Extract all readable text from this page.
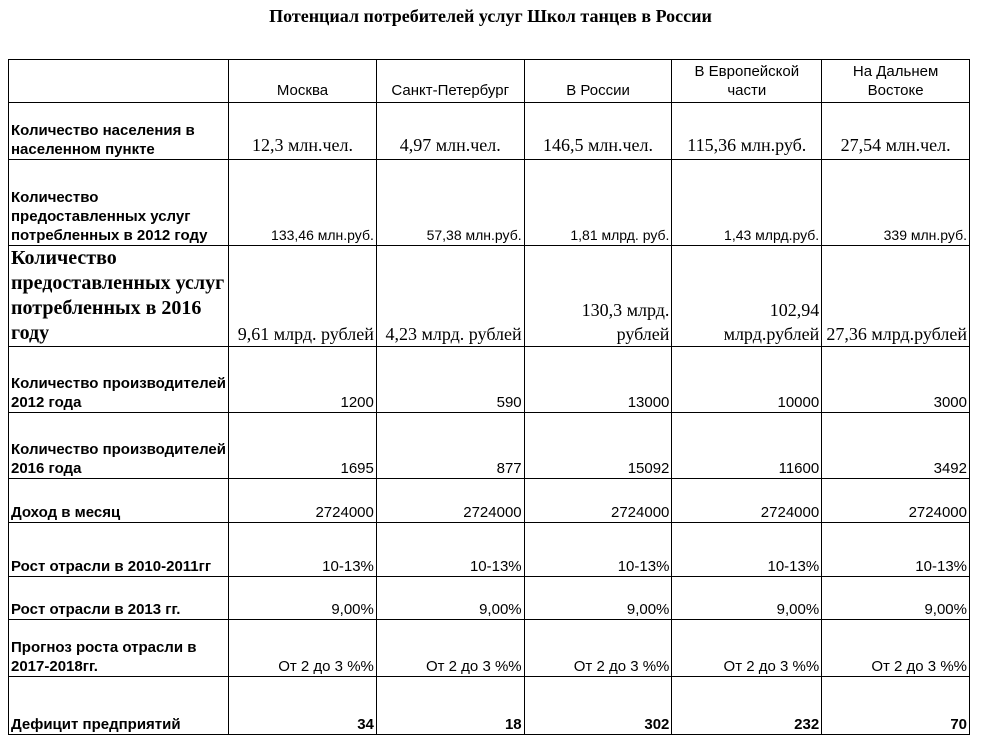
Потенциал потребителей услуг Школ танцев в России
	Москва	Санкт-Петербург	В России	В Европейской части	На Дальнем Востоке
Количество населения в населенном пункте	12,3 млн.чел.	4,97 млн.чел.	146,5 млн.чел.	115,36 млн.руб.	27,54 млн.чел.
Количество предоставленных услуг потребленных в 2012 году	133,46 млн.руб.	57,38 млн.руб.	1,81 млрд. руб.	1,43 млрд.руб.	339 млн.руб.
Количество предоставленных услуг потребленных в 2016 году	9,61 млрд. рублей	4,23 млрд. рублей	130,3 млрд. рублей	102,94 млрд.рублей	27,36 млрд.рублей
Количество производителей 2012 года	1200	590	13000	10000	3000
Количество производителей 2016 года	1695	877	15092	11600	3492
Доход в месяц	2724000	2724000	2724000	2724000	2724000
Рост отрасли в 2010-2011гг	10-13%	10-13%	10-13%	10-13%	10-13%
Рост отрасли в 2013 гг.	9,00%	9,00%	9,00%	9,00%	9,00%
Прогноз роста отрасли в 2017-2018гг.	От 2 до 3 %%	От 2 до 3 %%	От 2 до 3 %%	От 2 до 3 %%	От 2 до 3 %%
Дефицит предприятий	34	18	302	232	70
